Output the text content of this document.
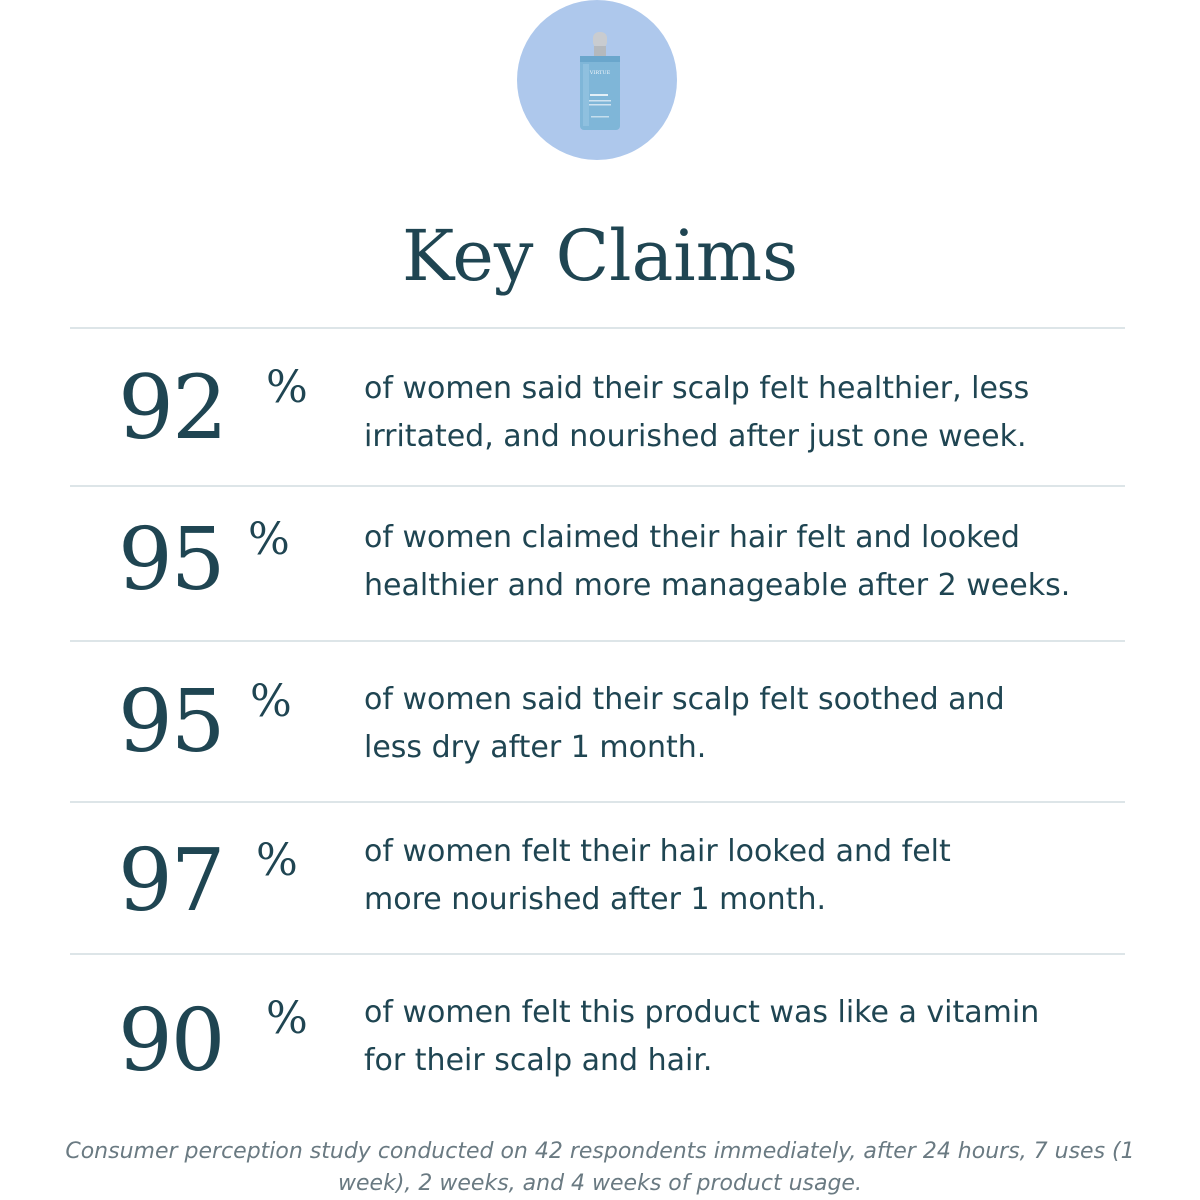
VIRTUE
Key Claims
92 % of women said their scalp felt healthier, less
irritated, and nourished after just one week.
95 % of women claimed their hair felt and looked
healthier and more manageable after 2 weeks.
95 % of women said their scalp felt soothed and
less dry after 1 month.
97 % of women felt their hair looked and felt
more nourished after 1 month.
90 % of women felt this product was like a vitamin
for their scalp and hair.
Consumer perception study conducted on 42 respondents immediately, after 24 hours, 7 uses (1
week), 2 weeks, and 4 weeks of product usage.
